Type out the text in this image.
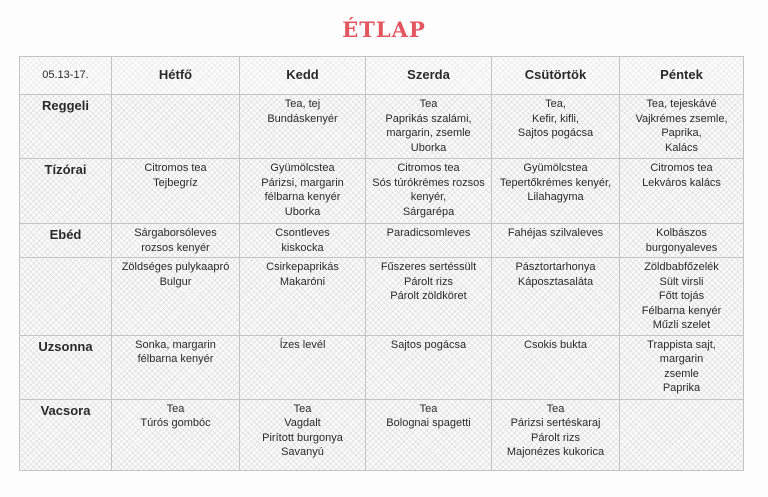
ÉTLAP
05.13-17.	Hétfő	Kedd	Szerda	Csütörtök	Péntek
Reggeli		Tea, tej
Bundáskenyér	Tea
Paprikás szalámi,
margarin, zsemle
Uborka	Tea,
Kefir, kifli,
Sajtos pogácsa	Tea, tejeskávé
Vajkrémes zsemle,
Paprika,
Kalács

Tízórai	Citromos tea
Tejbegríz	Gyümölcstea
Párizsi, margarin
félbarna kenyér
Uborka	Citromos tea
Sós túrókrémes rozsos
kenyér,
Sárgarépa	Gyümölcstea
Tepertőkrémes kenyér,
Lilahagyma	Citromos tea
Lekváros kalács

Ebéd	Sárgaborsóleves
rozsos kenyér	Csontleves
kiskocka	Paradicsomleves	Fahéjas szilvaleves	Kolbászos
burgonyaleves

	Zöldséges pulykaapró
Bulgur	Csirkepaprikás
Makaróni	Fűszeres sertéssült
Párolt rizs
Párolt zöldköret	Pásztortarhonya
Káposztasaláta	Zöldbabfőzelék
Sült virsli
Főtt tojás
Félbarna kenyér
Műzli szelet

Uzsonna	Sonka, margarin
félbarna kenyér	Ízes levél	Sajtos pogácsa	Csokis bukta	Trappista sajt,
margarin
zsemle
Paprika

Vacsora	Tea
Túrós gombóc	Tea
Vagdalt
Pirított burgonya
Savanyú	Tea
Bolognai spagetti	Tea
Párizsi sertéskaraj
Párolt rizs
Majonézes kukorica	
